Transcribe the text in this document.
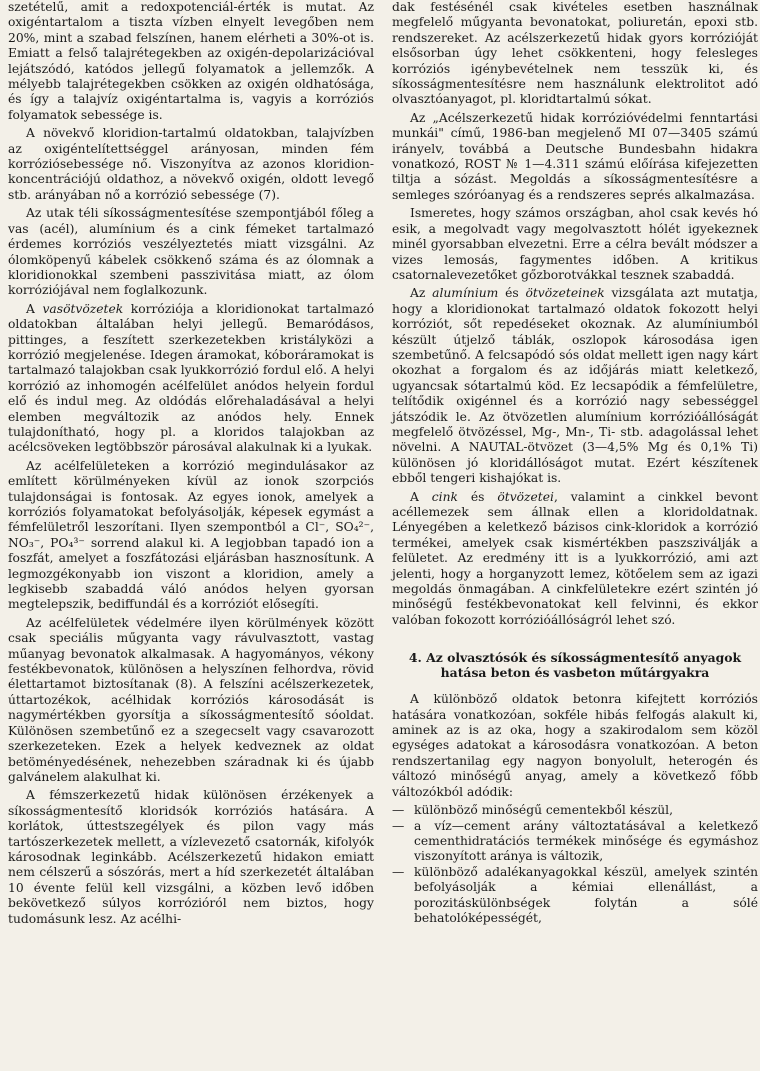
szetételű, amit a redoxpotenciál-érték is mutat. Az oxigéntartalom a tiszta vízben elnyelt levegőben nem 20%, mint a szabad felszínen, hanem elérheti a 30%-ot is. Emiatt a felső talajrétegekben az oxigén-depolarizációval lejátszódó, katódos jellegű folyamatok a jellemzők. A mélyebb talajrétegekben csökken az oxigén oldhatósága, és így a talajvíz oxigéntartalma is, vagyis a korróziós folyamatok sebessége is.

A növekvő kloridion-tartalmú oldatokban, talajvízben az oxigéntelítettséggel arányosan, minden fém korróziósebessége nő. Viszonyítva az azonos kloridion-koncentrációjú oldathoz, a növekvő oxigén, oldott levegő stb. arányában nő a korrózió sebessége (7).

Az utak téli síkosságmentesítése szempontjából főleg a vas (acél), alumínium és a cink fémeket tartalmazó érdemes korróziós veszélyeztetés miatt vizsgálni. Az ólomköpenyű kábelek csökkenő száma és az ólomnak a kloridionokkal szembeni passzivitása miatt, az ólom korróziójával nem foglalkozunk.

A vasötvözetek korróziója a kloridionokat tartalmazó oldatokban általában helyi jellegű. Bemaródásos, pittinges, a feszített szerkezetekben kristályközi a korrózió megjelenése. Idegen áramokat, kóboráramokat is tartalmazó talajokban csak lyukkorrózió fordul elő. A helyi korrózió az inhomogén acélfelület anódos helyein fordul elő és indul meg. Az oldódás előrehaladásával a helyi elemben megváltozik az anódos hely. Ennek tulajdonítható, hogy pl. a kloridos talajokban az acélcsöveken legtöbbször párosával alakulnak ki a lyukak.

Az acélfelületeken a korrózió megindulásakor az említett körülményeken kívül az ionok szorpciós tulajdonságai is fontosak. Az egyes ionok, amelyek a korróziós folyamatokat befolyásolják, képesek egymást a fémfelületről leszorítani. Ilyen szempontból a Cl⁻, SO₄²⁻, NO₃⁻, PO₄³⁻ sorrend alakul ki. A legjobban tapadó ion a foszfát, amelyet a foszfátozási eljárásban hasznosítunk. A legmozgékonyabb ion viszont a kloridion, amely a legkisebb szabaddá váló anódos helyen gyorsan megtelepszik, bediffundál és a korróziót elősegíti.

Az acélfelületek védelmére ilyen körülmények között csak speciális műgyanta vagy rávulvasztott, vastag műanyag bevonatok alkalmasak. A hagyományos, vékony festékbevonatok, különösen a helyszínen felhordva, rövid élettartamot biztosítanak (8). A felszíni acélszerkezetek, úttartozékok, acélhidak korróziós károsodását is nagymértékben gyorsítja a síkosságmentesítő sóoldat. Különösen szembetűnő ez a szegecselt vagy csavarozott szerkezeteken. Ezek a helyek kedveznek az oldat betöményedésének, nehezebben száradnak ki és újabb galvánelem alakulhat ki.

A fémszerkezetű hidak különösen érzékenyek a síkosságmentesítő kloridsók korróziós hatására. A korlátok, úttestszegélyek és pilon vagy más tartószerkezetek mellett, a vízlevezető csatornák, kifolyók károsodnak leginkább. Acélszerkezetű hidakon emiatt nem célszerű a sószórás, mert a híd szerkezetét általában 10 évente felül kell vizsgálni, a közben levő időben bekövetkező súlyos korrózióról nem biztos, hogy tudomásunk lesz. Az acélhi-

dak festésénél csak kivételes esetben használnak megfelelő műgyanta bevonatokat, poliuretán, epoxi stb. rendszereket. Az acélszerkezetű hidak gyors korrózióját elsősorban úgy lehet csökkenteni, hogy felesleges korróziós igénybevételnek nem tesszük ki, és síkosságmentesítésre nem használunk elektrolitot adó olvasztóanyagot, pl. kloridtartalmú sókat.

Az „Acélszerkezetű hidak korrózióvédelmi fenntartási munkái" című, 1986-ban megjelenő MI 07—3405 számú irányelv, továbbá a Deutsche Bundesbahn hidakra vonatkozó, ROST № 1—4.311 számú előírása kifejezetten tiltja a sózást. Megoldás a síkosságmentesítésre a semleges szóróanyag és a rendszeres seprés alkalmazása.

Ismeretes, hogy számos országban, ahol csak kevés hó esik, a megolvadt vagy megolvasztott hólét igyekeznek minél gyorsabban elvezetni. Erre a célra bevált módszer a vizes lemosás, fagymentes időben. A kritikus csatornalevezetőket gőzborotvákkal tesznek szabaddá.

Az alumínium és ötvözeteinek vizsgálata azt mutatja, hogy a kloridionokat tartalmazó oldatok fokozott helyi korróziót, sőt repedéseket okoznak. Az alumíniumból készült útjelző táblák, oszlopok károsodása igen szembetűnő. A felcsapódó sós oldat mellett igen nagy kárt okozhat a forgalom és az időjárás miatt keletkező, ugyancsak sótartalmú köd. Ez lecsapódik a fémfelületre, telítődik oxigénnel és a korrózió nagy sebességgel játszódik le. Az ötvözetlen alumínium korrózióállóságát megfelelő ötvözéssel, Mg-, Mn-, Ti- stb. adagolással lehet növelni. A NAUTAL-ötvözet (3—4,5% Mg és 0,1% Ti) különösen jó kloridállóságot mutat. Ezért készítenek ebből tengeri kishajókat is.

A cink és ötvözetei, valamint a cinkkel bevont acéllemezek sem állnak ellen a kloridoldatnak. Lényegében a keletkező bázisos cink-kloridok a korrózió termékei, amelyek csak kismértékben paszsziválják a felületet. Az eredmény itt is a lyukkorrózió, ami azt jelenti, hogy a horganyzott lemez, kötőelem sem az igazi megoldás önmagában. A cinkfelületekre ezért szintén jó minőségű festékbevonatokat kell felvinni, és ekkor valóban fokozott korrózióállóságról lehet szó.

4. Az olvasztósók és síkosságmentesítő anyagok
hatása beton és vasbeton műtárgyakra

A különböző oldatok betonra kifejtett korróziós hatására vonatkozóan, sokféle hibás felfogás alakult ki, aminek az is az oka, hogy a szakirodalom sem közöl egységes adatokat a károsodásra vonatkozóan. A beton rendszertanilag egy nagyon bonyolult, heterogén és változó minőségű anyag, amely a következő főbb változókból adódik:

— különböző minőségű cementekből készül,
— a víz—cement arány változtatásával a keletkező cementhidratációs termékek minősége és egymáshoz viszonyított aránya is változik,
— különböző adalékanyagokkal készül, amelyek szintén befolyásolják a kémiai ellenállást, a porozitáskülönbségek folytán a sólé behatolóképességét,
